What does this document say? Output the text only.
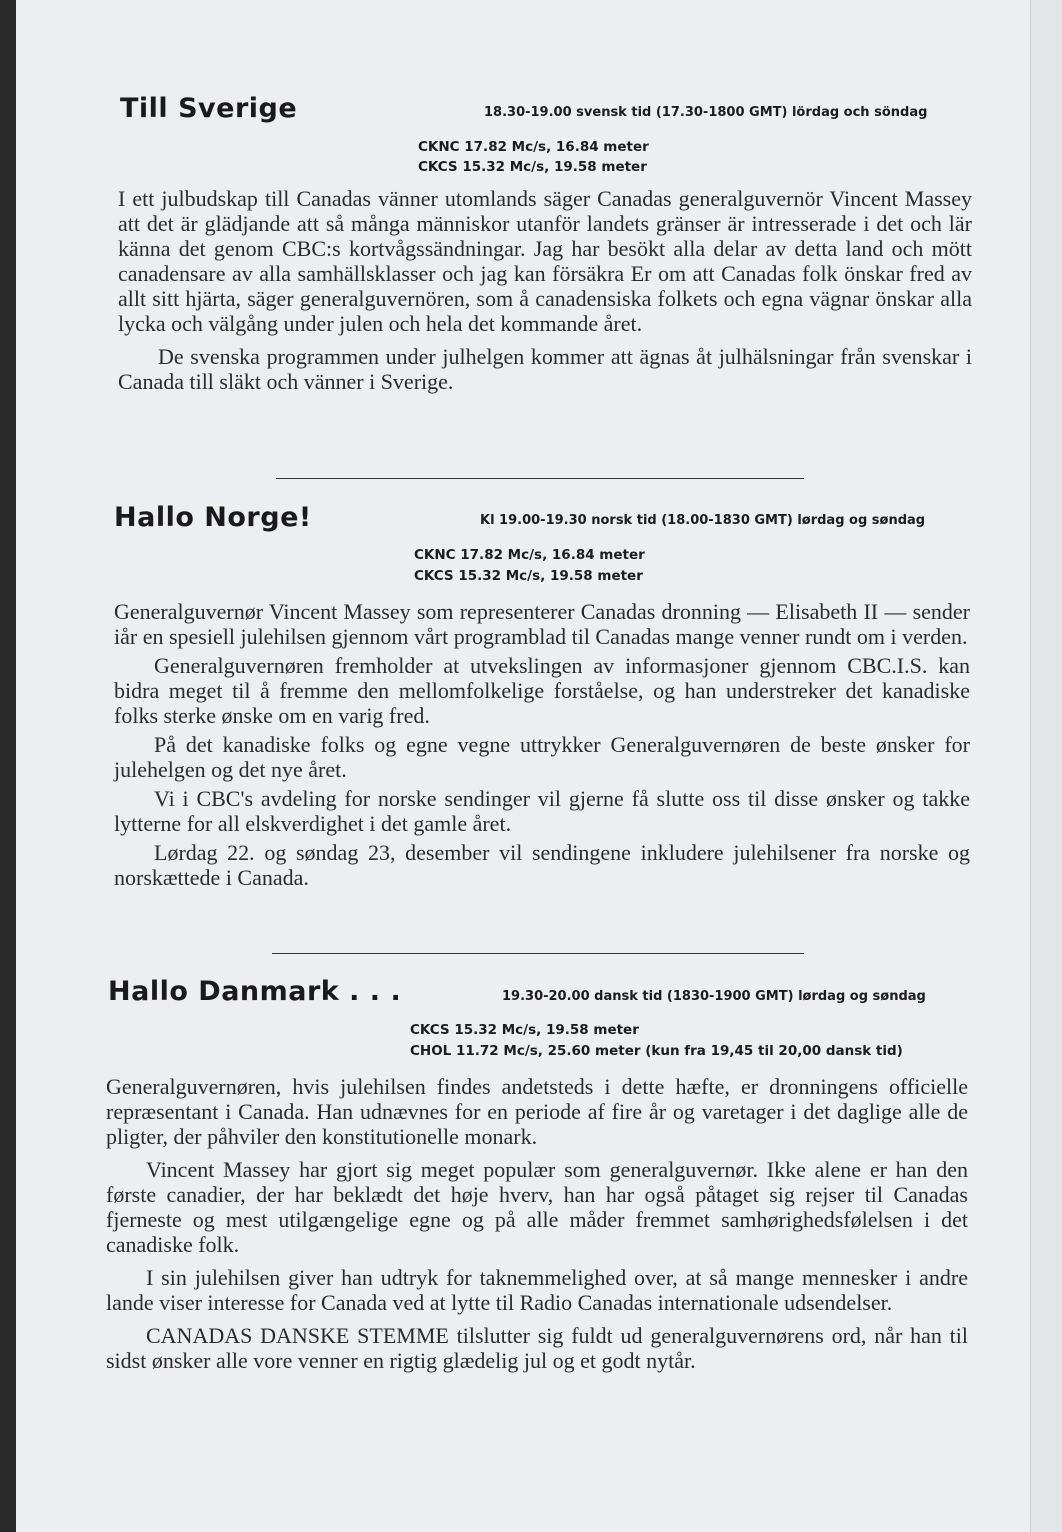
Till Sverige	18.30-19.00 svensk tid (17.30-1800 GMT) lördag och söndag
CKNC 17.82 Mc/s, 16.84 meter
CKCS 15.32 Mc/s, 19.58 meter

I ett julbudskap till Canadas vänner utomlands säger Canadas generalguvernör Vincent Massey att det är glädjande att så många människor utanför landets gränser är intresserade i det och lär känna det genom CBC:s kortvågssändningar. Jag har besökt alla delar av detta land och mött canadensare av alla samhällsklasser och jag kan försäkra Er om att Canadas folk önskar fred av allt sitt hjärta, säger generalguvernören, som å canadensiska folkets och egna vägnar önskar alla lycka och välgång under julen och hela det kommande året.

De svenska programmen under julhelgen kommer att ägnas åt julhälsningar från svenskar i Canada till släkt och vänner i Sverige.

Hallo Norge!	Kl 19.00-19.30 norsk tid (18.00-1830 GMT) lørdag og søndag
CKNC 17.82 Mc/s, 16.84 meter
CKCS 15.32 Mc/s, 19.58 meter

Generalguvernør Vincent Massey som representerer Canadas dronning — Elisabeth II — sender iår en spesiell julehilsen gjennom vårt programblad til Canadas mange venner rundt om i verden.

Generalguvernøren fremholder at utvekslingen av informasjoner gjennom CBC.I.S. kan bidra meget til å fremme den mellomfolkelige forståelse, og han understreker det kanadiske folks sterke ønske om en varig fred.

På det kanadiske folks og egne vegne uttrykker Generalguvernøren de beste ønsker for julehelgen og det nye året.

Vi i CBC's avdeling for norske sendinger vil gjerne få slutte oss til disse ønsker og takke lytterne for all elskverdighet i det gamle året.

Lørdag 22. og søndag 23, desember vil sendingene inkludere julehilsener fra norske og norskættede i Canada.

Hallo Danmark . . .	19.30-20.00 dansk tid (1830-1900 GMT) lørdag og søndag
CKCS 15.32 Mc/s, 19.58 meter
CHOL 11.72 Mc/s, 25.60 meter (kun fra 19,45 til 20,00 dansk tid)

Generalguvernøren, hvis julehilsen findes andetsteds i dette hæfte, er dronningens officielle repræsentant i Canada. Han udnævnes for en periode af fire år og varetager i det daglige alle de pligter, der påhviler den konstitutionelle monark.

Vincent Massey har gjort sig meget populær som generalguvernør. Ikke alene er han den første canadier, der har beklædt det høje hverv, han har også påtaget sig rejser til Canadas fjerneste og mest utilgængelige egne og på alle måder fremmet samhørighedsfølelsen i det canadiske folk.

I sin julehilsen giver han udtryk for taknemmelighed over, at så mange mennesker i andre lande viser interesse for Canada ved at lytte til Radio Canadas internationale udsendelser.

CANADAS DANSKE STEMME tilslutter sig fuldt ud generalguvernørens ord, når han til sidst ønsker alle vore venner en rigtig glædelig jul og et godt nytår.
